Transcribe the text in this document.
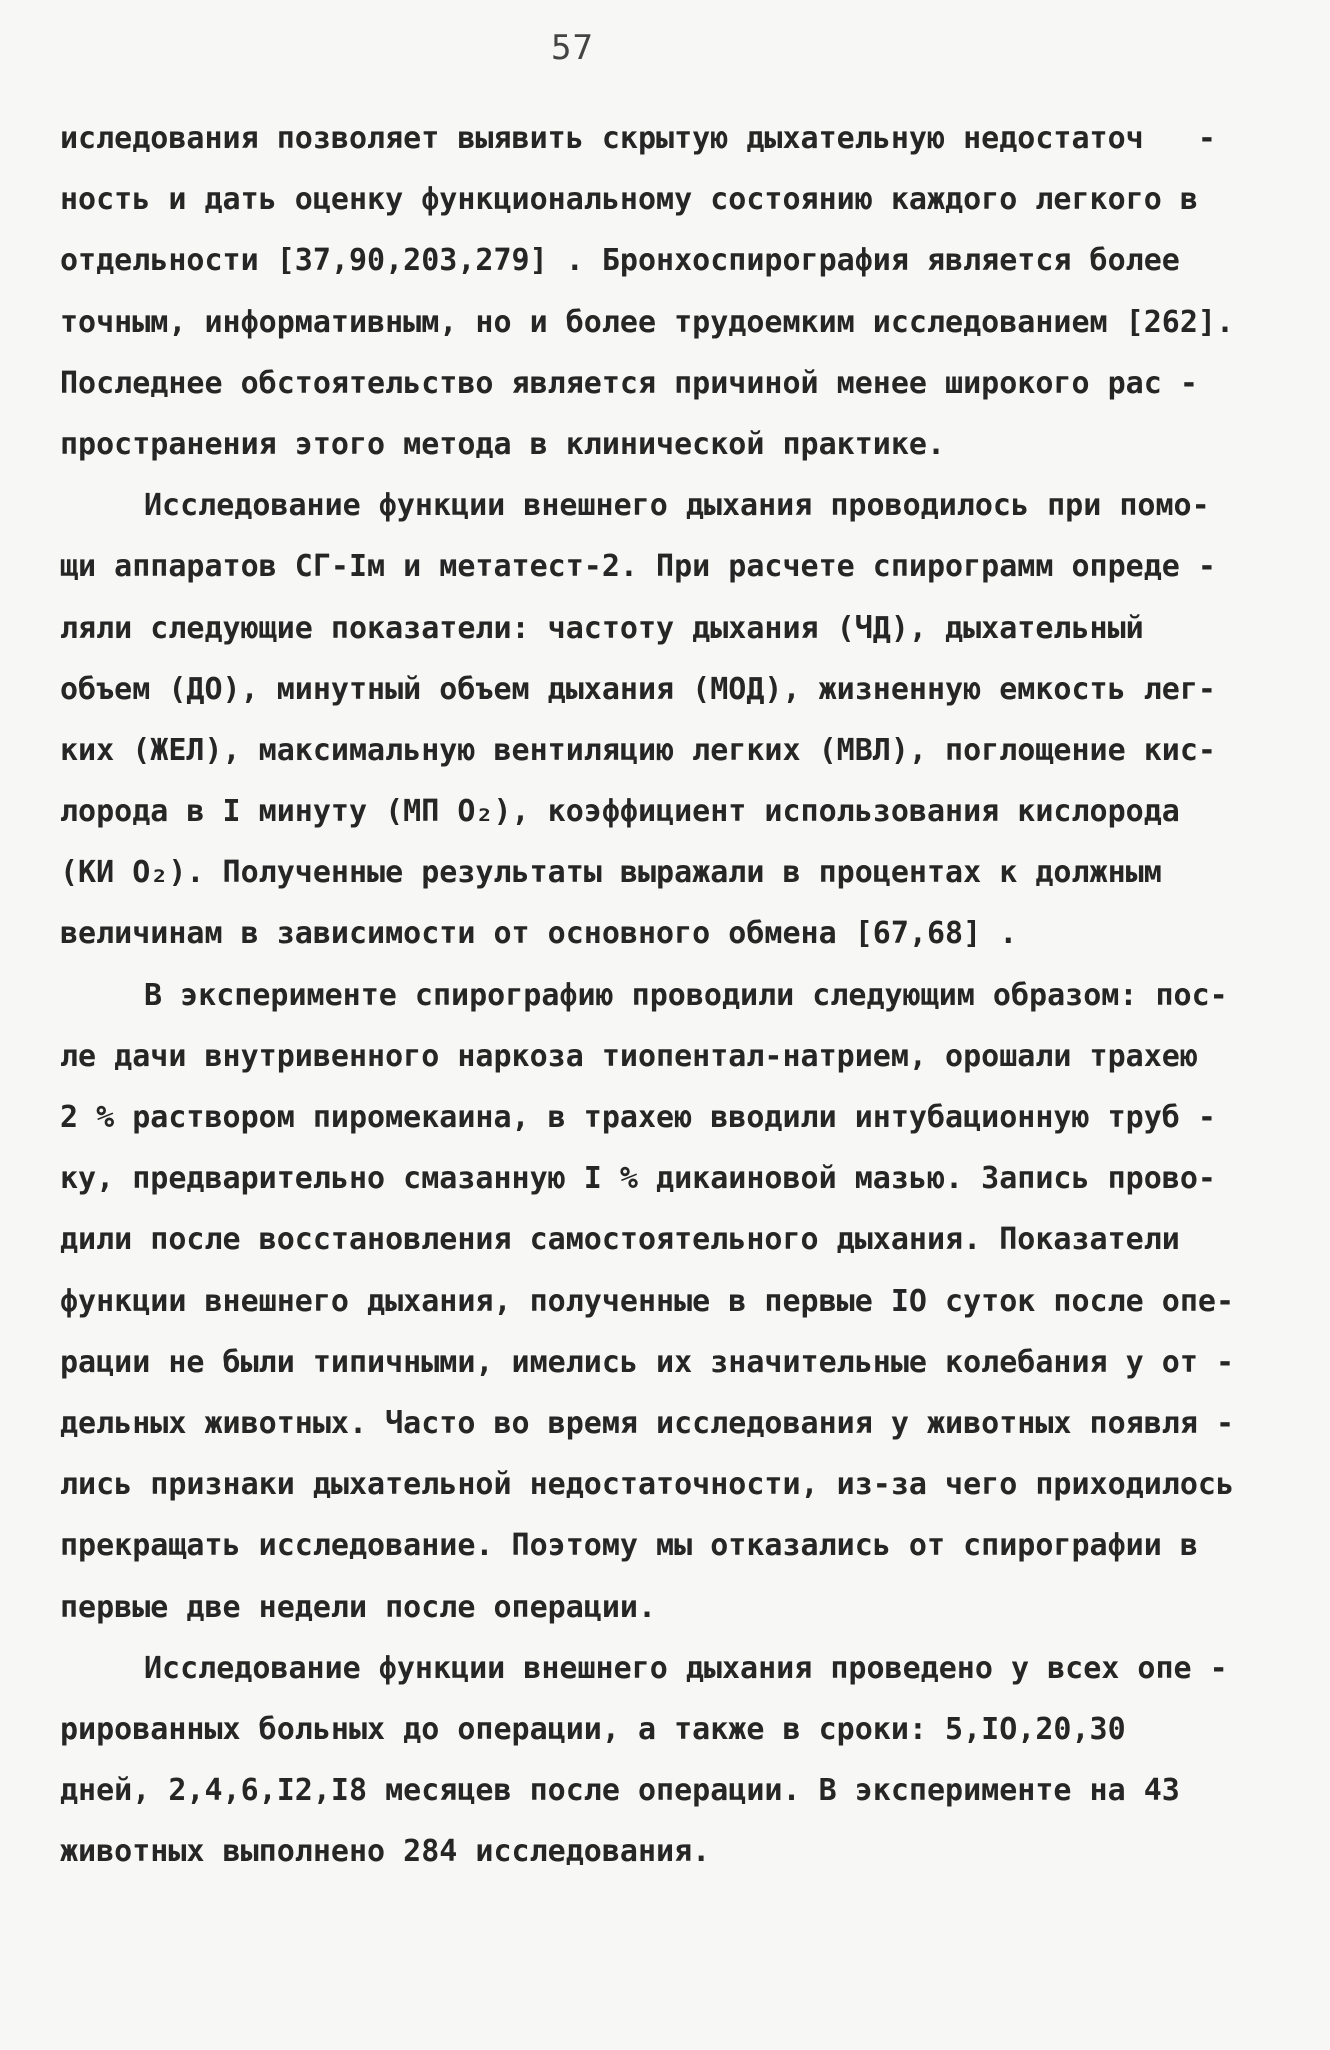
57
иследования позволяет выявить скрытую дыхательную недостаточ   -
ность и дать оценку функциональному состоянию каждого легкого в
отдельности [37,90,203,279] . Бронхоспирография является более
точным, информативным, но и более трудоемким исследованием [262].
Последнее обстоятельство является причиной менее широкого рас -
пространения этого метода в клинической практике.
Исследование функции внешнего дыхания проводилось при помо-
щи аппаратов СГ-Iм и метатест-2. При расчете спирограмм опреде -
ляли следующие показатели: частоту дыхания (ЧД), дыхательный
объем (ДО), минутный объем дыхания (МОД), жизненную емкость лег-
ких (ЖЕЛ), максимальную вентиляцию легких (МВЛ), поглощение кис-
лорода в I минуту (МП O₂), коэффициент использования кислорода
(КИ O₂). Полученные результаты выражали в процентах к должным
величинам в зависимости от основного обмена [67,68] .
В эксперименте спирографию проводили следующим образом: пос-
ле дачи внутривенного наркоза тиопентал-натрием, орошали трахею
2 % раствором пиромекаина, в трахею вводили интубационную труб -
ку, предварительно смазанную I % дикаиновой мазью. Запись прово-
дили после восстановления самостоятельного дыхания. Показатели
функции внешнего дыхания, полученные в первые IO суток после опе-
рации не были типичными, имелись их значительные колебания у от -
дельных животных. Часто во время исследования у животных появля -
лись признаки дыхательной недостаточности, из-за чего приходилось
прекращать исследование. Поэтому мы отказались от спирографии в
первые две недели после операции.
Исследование функции внешнего дыхания проведено у всех опе -
рированных больных до операции, а также в сроки: 5,IO,20,30
дней, 2,4,6,I2,I8 месяцев после операции. В эксперименте на 43
животных выполнено 284 исследования.
